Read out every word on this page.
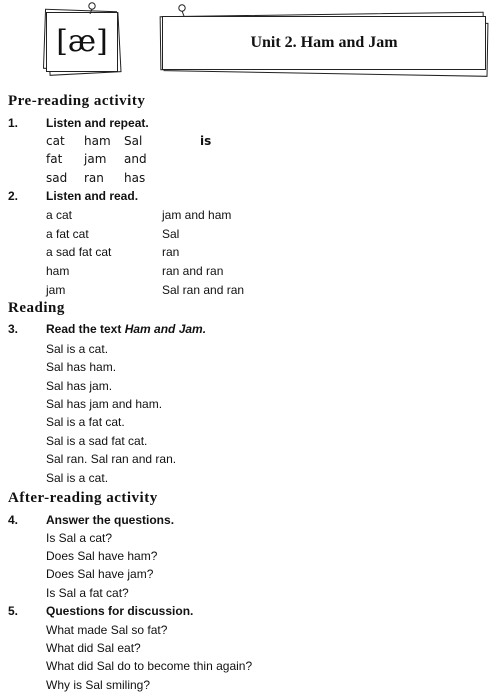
[æ]	Unit 2. Ham and Jam
Pre-reading activity
1. Listen and repeat.
cat ham Sal	is
fat jam and
sad ran has
2. Listen and read.
a cat
a fat cat
a sad fat cat
ham
jam
jam and ham
Sal
ran
ran and ran
Sal ran and ran
Reading
3. Read the text Ham and Jam.
Sal is a cat.
Sal has ham.
Sal has jam.
Sal has jam and ham.
Sal is a fat cat.
Sal is a sad fat cat.
Sal ran. Sal ran and ran.
Sal is a cat.
After-reading activity
4. Answer the questions.
Is Sal a cat?
Does Sal have ham?
Does Sal have jam?
Is Sal a fat cat?
5. Questions for discussion.
What made Sal so fat?
What did Sal eat?
What did Sal do to become thin again?
Why is Sal smiling?
